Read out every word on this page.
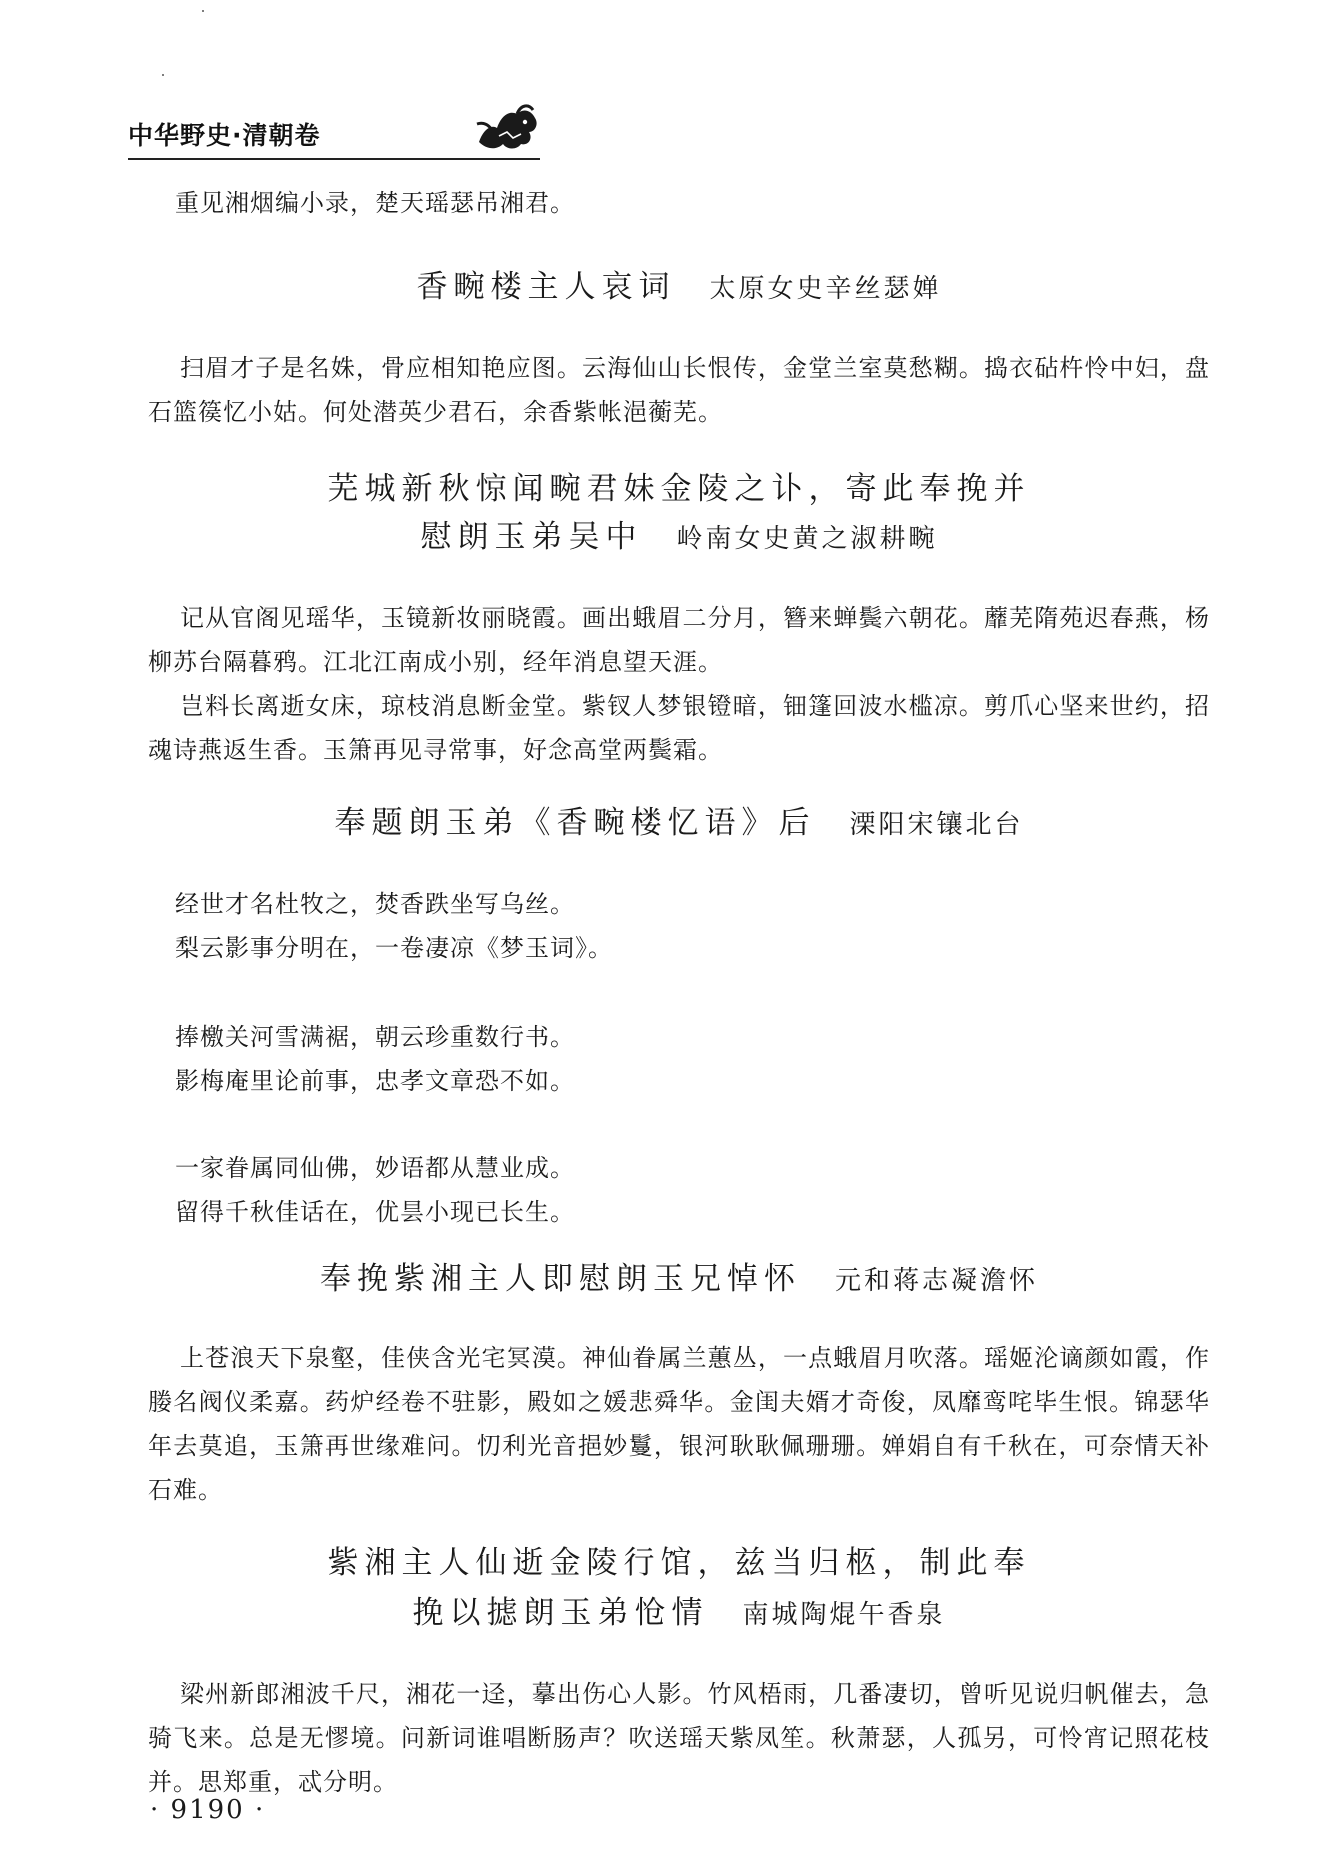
中华野史·清朝卷
重见湘烟编小录，楚天瑶瑟吊湘君。
香畹楼主人哀词 太原女史辛丝瑟婵

扫眉才子是名姝，骨应相知艳应图。云海仙山长恨传，金堂兰室莫愁糊。捣衣砧杵怜中妇，盘石篮篌忆小姑。何处潜英少君石，余香紫帐浥蘅芜。

芜城新秋惊闻畹君妹金陵之讣，寄此奉挽并
慰朗玉弟吴中 岭南女史黄之淑耕畹

记从官阁见瑶华，玉镜新妆丽晓霞。画出蛾眉二分月，簪来蝉鬓六朝花。蘼芜隋苑迟春燕，杨柳苏台隔暮鸦。江北江南成小别，经年消息望天涯。

岂料长离逝女床，琼枝消息断金堂。紫钗人梦银镫暗，钿篷回波水槛凉。剪爪心坚来世约，招魂诗燕返生香。玉箫再见寻常事，好念高堂两鬓霜。

奉题朗玉弟《香畹楼忆语》后 溧阳宋镶北台
经世才名杜牧之，焚香跌坐写乌丝。
梨云影事分明在，一卷凄凉《梦玉词》。
捧檄关河雪满裾，朝云珍重数行书。
影梅庵里论前事，忠孝文章恐不如。
一家眷属同仙佛，妙语都从慧业成。
留得千秋佳话在，优昙小现已长生。
奉挽紫湘主人即慰朗玉兄悼怀 元和蒋志凝澹怀

上苍浪天下泉壑，佳侠含光宅冥漠。神仙眷属兰蕙丛，一点蛾眉月吹落。瑶姬沦谪颜如霞，作媵名阀仪柔嘉。药炉经卷不驻影，殿如之媛悲舜华。金闺夫婿才奇俊，凤靡鸾咤毕生恨。锦瑟华年去莫追，玉箫再世缘难问。忉利光音挹妙鬘，银河耿耿佩珊珊。婵娟自有千秋在，可奈情天补石难。

紫湘主人仙逝金陵行馆，兹当归柩，制此奉
挽以摅朗玉弟怆情 南城陶焜午香泉

梁州新郎湘波千尺，湘花一迳，摹出伤心人影。竹风梧雨，几番凄切，曾听见说归帆催去，急骑飞来。总是无憀境。问新词谁唱断肠声？吹送瑶天紫凤笙。秋萧瑟，人孤另，可怜宵记照花枝并。思郑重，忒分明。

· 9190 ·
